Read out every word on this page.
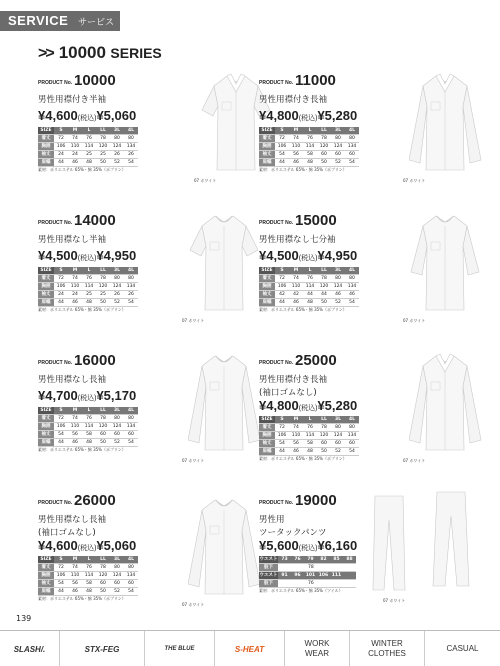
SERVICE サービス
>> 10000 SERIES
PRODUCT No. 10000
男性用襟付き半袖
¥4,600(税込)¥5,060
SIZE	S	M	L	LL	3L	4L
着丈	72	74	76	78	80	80
胸囲	106	110	114	120	124	134
袖丈	24	24	25	25	26	26
肩幅	44	46	48	50	52	54
素材：ポリエステル 65%・綿 35%（ポプリン）
07 ホワイト
PRODUCT No. 11000
男性用襟付き長袖
¥4,800(税込)¥5,280
SIZE	S	M	L	LL	3L	4L
着丈	72	74	76	78	80	80
胸囲	106	110	114	120	124	134
袖丈	54	56	58	60	60	60
肩幅	44	46	48	50	52	54
素材：ポリエステル 65%・綿 35%（ポプリン）
07 ホワイト
PRODUCT No. 14000
男性用襟なし半袖
¥4,500(税込)¥4,950
SIZE	S	M	L	LL	3L	4L
着丈	72	74	76	78	80	80
胸囲	106	110	114	120	124	134
袖丈	24	24	25	25	26	26
肩幅	44	46	48	50	52	54
素材：ポリエステル 65%・綿 35%（ポプリン）
07 ホワイト
PRODUCT No. 15000
男性用襟なし七分袖
¥4,500(税込)¥4,950
SIZE	S	M	L	LL	3L	4L
着丈	72	74	76	78	80	80
胸囲	106	110	114	120	124	134
袖丈	42	42	44	44	46	46
肩幅	44	46	48	50	52	54
素材：ポリエステル 65%・綿 35%（ポプリン）
07 ホワイト
PRODUCT No. 16000
男性用襟なし長袖
¥4,700(税込)¥5,170
SIZE	S	M	L	LL	3L	4L
着丈	72	74	76	78	80	80
胸囲	106	110	114	120	124	134
袖丈	54	56	58	60	60	60
肩幅	44	46	48	50	52	54
素材：ポリエステル 65%・綿 35%（ポプリン）
07 ホワイト
PRODUCT No. 25000
男性用襟付き長袖
(袖口ゴムなし)
¥4,800(税込)¥5,280
SIZE	S	M	L	LL	3L	4L
着丈	72	74	76	78	80	80
胸囲	106	110	114	120	124	134
袖丈	54	56	58	60	60	60
肩幅	44	46	48	50	52	54
素材：ポリエステル 65%・綿 35%（ポプリン）	07 ホワイト
PRODUCT No. 26000
男性用襟なし長袖
(袖口ゴムなし)
¥4,600(税込)¥5,060
SIZE	S	M	L	LL	3L	4L
着丈	72	74	76	78	80	80
胸囲	106	110	114	120	124	134
袖丈	54	56	58	60	60	60
肩幅	44	46	48	50	52	54
素材：ポリエステル 65%・綿 35%（ポプリン）
07 ホワイト
PRODUCT No. 19000
男性用
ツータックパンツ
¥5,600(税込)¥6,160
ウエスト	73	76	79	82	85	88
股下	78					
ウエスト	91	96	101	106	111	
股下	76					
素材：ポリエステル 65%・綿 35%（ツイル）
07 ホワイト
139
SLASH/.	STX-FEG	THE BLUE	S-HEAT
WORK
WEAR
WINTER
CLOTHES
CASUAL
